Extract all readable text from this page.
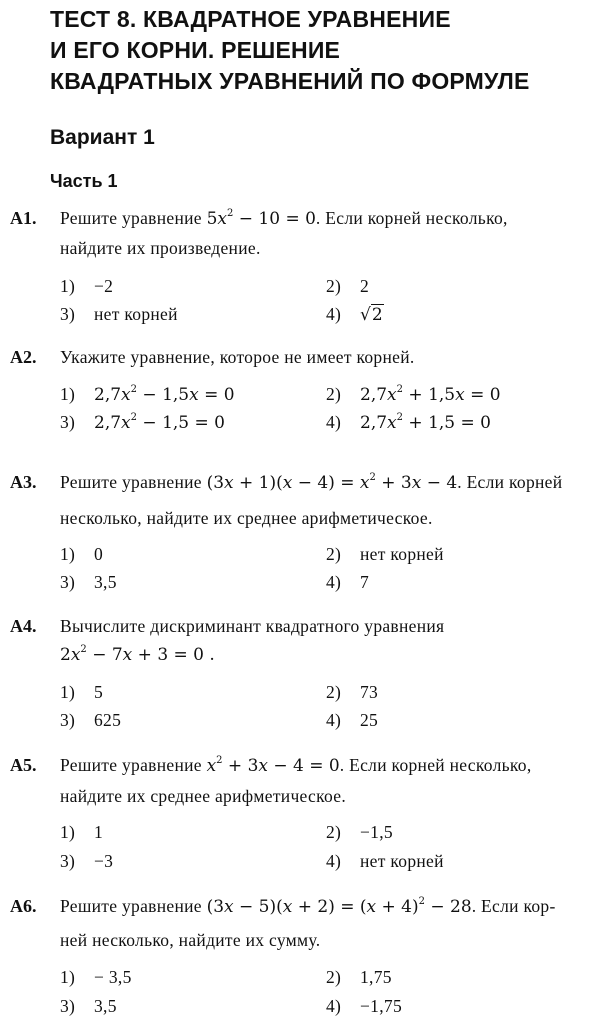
ТЕСТ 8. КВАДРАТНОЕ УРАВНЕНИЕ
И ЕГО КОРНИ. РЕШЕНИЕ
КВАДРАТНЫХ УРАВНЕНИЙ ПО ФОРМУЛЕ
Вариант 1
Часть 1
A1. Решите уравнение $5x^2 - 10 = 0$. Если корней несколько,
найдите их произведение.
1) −2	2) 2
3) нет корней	4) √2
A2. Укажите уравнение, которое не имеет корней.
1) $2,7x^2 - 1,5x = 0$	2) $2,7x^2 + 1,5x = 0$
3) $2,7x^2 - 1,5 = 0$	4) $2,7x^2 + 1,5 = 0$
A3. Решите уравнение $(3x + 1)(x - 4) = x^2 + 3x - 4$. Если корней
несколько, найдите их среднее арифметическое.
1) 0	2) нет корней
3) 3,5	4) 7
A4. Вычислите дискриминант квадратного уравнения
$2x^2 - 7x + 3 = 0$ .
1) 5	2) 73
3) 625	4) 25
A5. Решите уравнение $x^2 + 3x - 4 = 0$. Если корней несколько,
найдите их среднее арифметическое.
1) 1	2) −1,5
3) −3	4) нет корней
A6. Решите уравнение $(3x - 5)(x + 2) = (x + 4)^2 - 28$. Если кор-
ней несколько, найдите их сумму.
1) − 3,5	2) 1,75
3) 3,5	4) −1,75
